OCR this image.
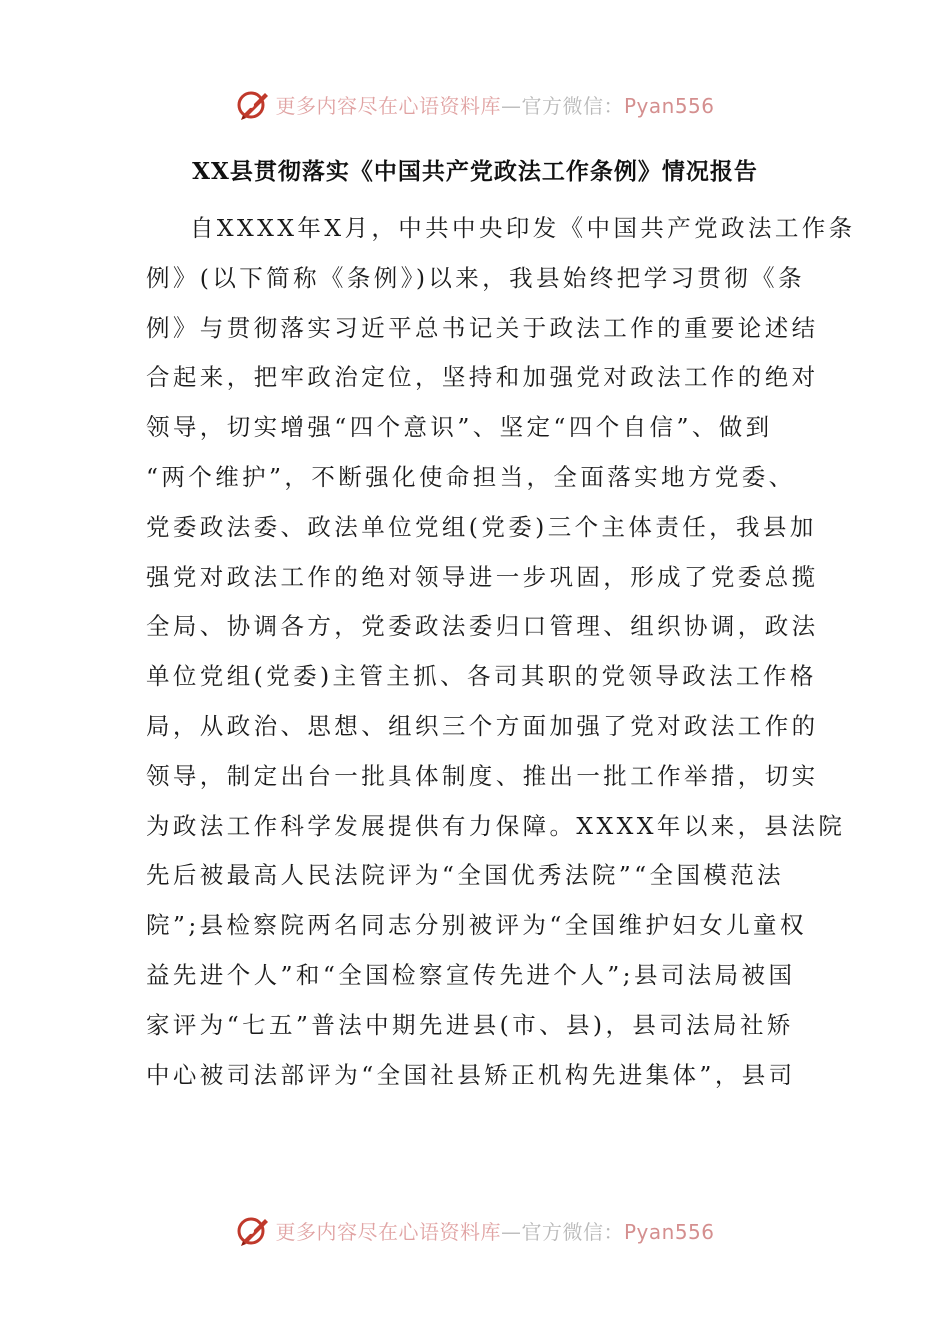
更多内容尽在心语资料库—官方微信：Pyan556
XX县贯彻落实《中国共产党政法工作条例》情况报告
自XXXX年X月，中共中央印发《中国共产党政法工作条
例》(以下简称《条例》)以来，我县始终把学习贯彻《条
例》与贯彻落实习近平总书记关于政法工作的重要论述结
合起来，把牢政治定位，坚持和加强党对政法工作的绝对
领导，切实增强“四个意识”、坚定“四个自信”、做到
“两个维护”，不断强化使命担当，全面落实地方党委、
党委政法委、政法单位党组(党委)三个主体责任，我县加
强党对政法工作的绝对领导进一步巩固，形成了党委总揽
全局、协调各方，党委政法委归口管理、组织协调，政法
单位党组(党委)主管主抓、各司其职的党领导政法工作格
局，从政治、思想、组织三个方面加强了党对政法工作的
领导，制定出台一批具体制度、推出一批工作举措，切实
为政法工作科学发展提供有力保障。XXXX年以来，县法院
先后被最高人民法院评为“全国优秀法院”“全国模范法
院”;县检察院两名同志分别被评为“全国维护妇女儿童权
益先进个人”和“全国检察宣传先进个人”;县司法局被国
家评为“七五”普法中期先进县(市、县)，县司法局社矫
中心被司法部评为“全国社县矫正机构先进集体”，县司
更多内容尽在心语资料库—官方微信：Pyan556
